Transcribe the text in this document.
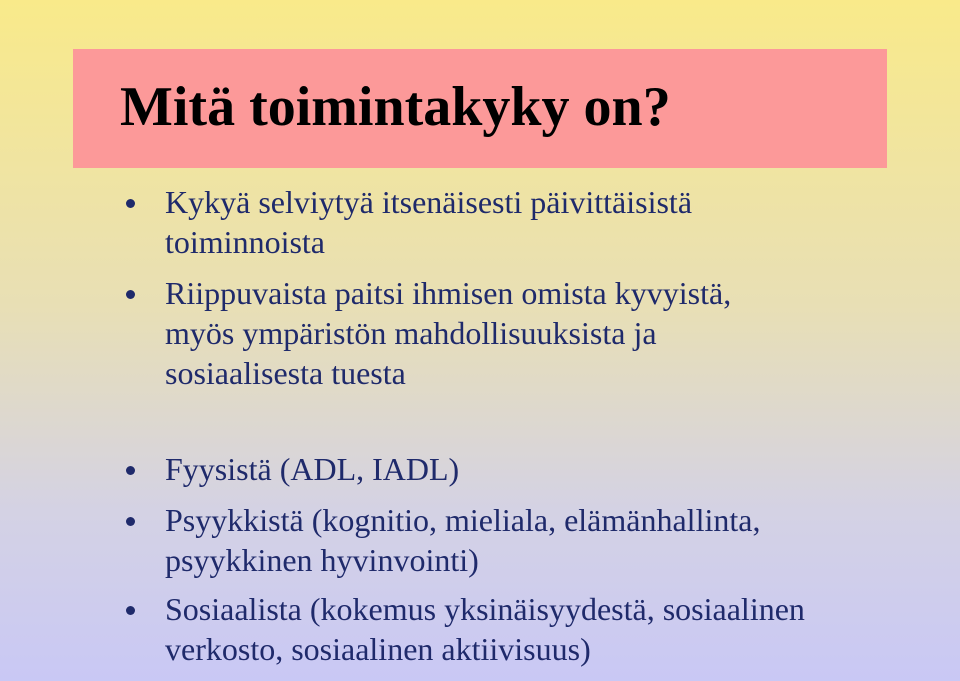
Mitä toimintakyky on?
Kykyä selviytyä itsenäisesti päivittäisistä
toiminnoista
Riippuvaista paitsi ihmisen omista kyvyistä,
myös ympäristön mahdollisuuksista ja
sosiaalisesta tuesta
Fyysistä (ADL, IADL)
Psyykkistä (kognitio, mieliala, elämänhallinta,
psyykkinen hyvinvointi)
Sosiaalista (kokemus yksinäisyydestä, sosiaalinen
verkosto, sosiaalinen aktiivisuus)
